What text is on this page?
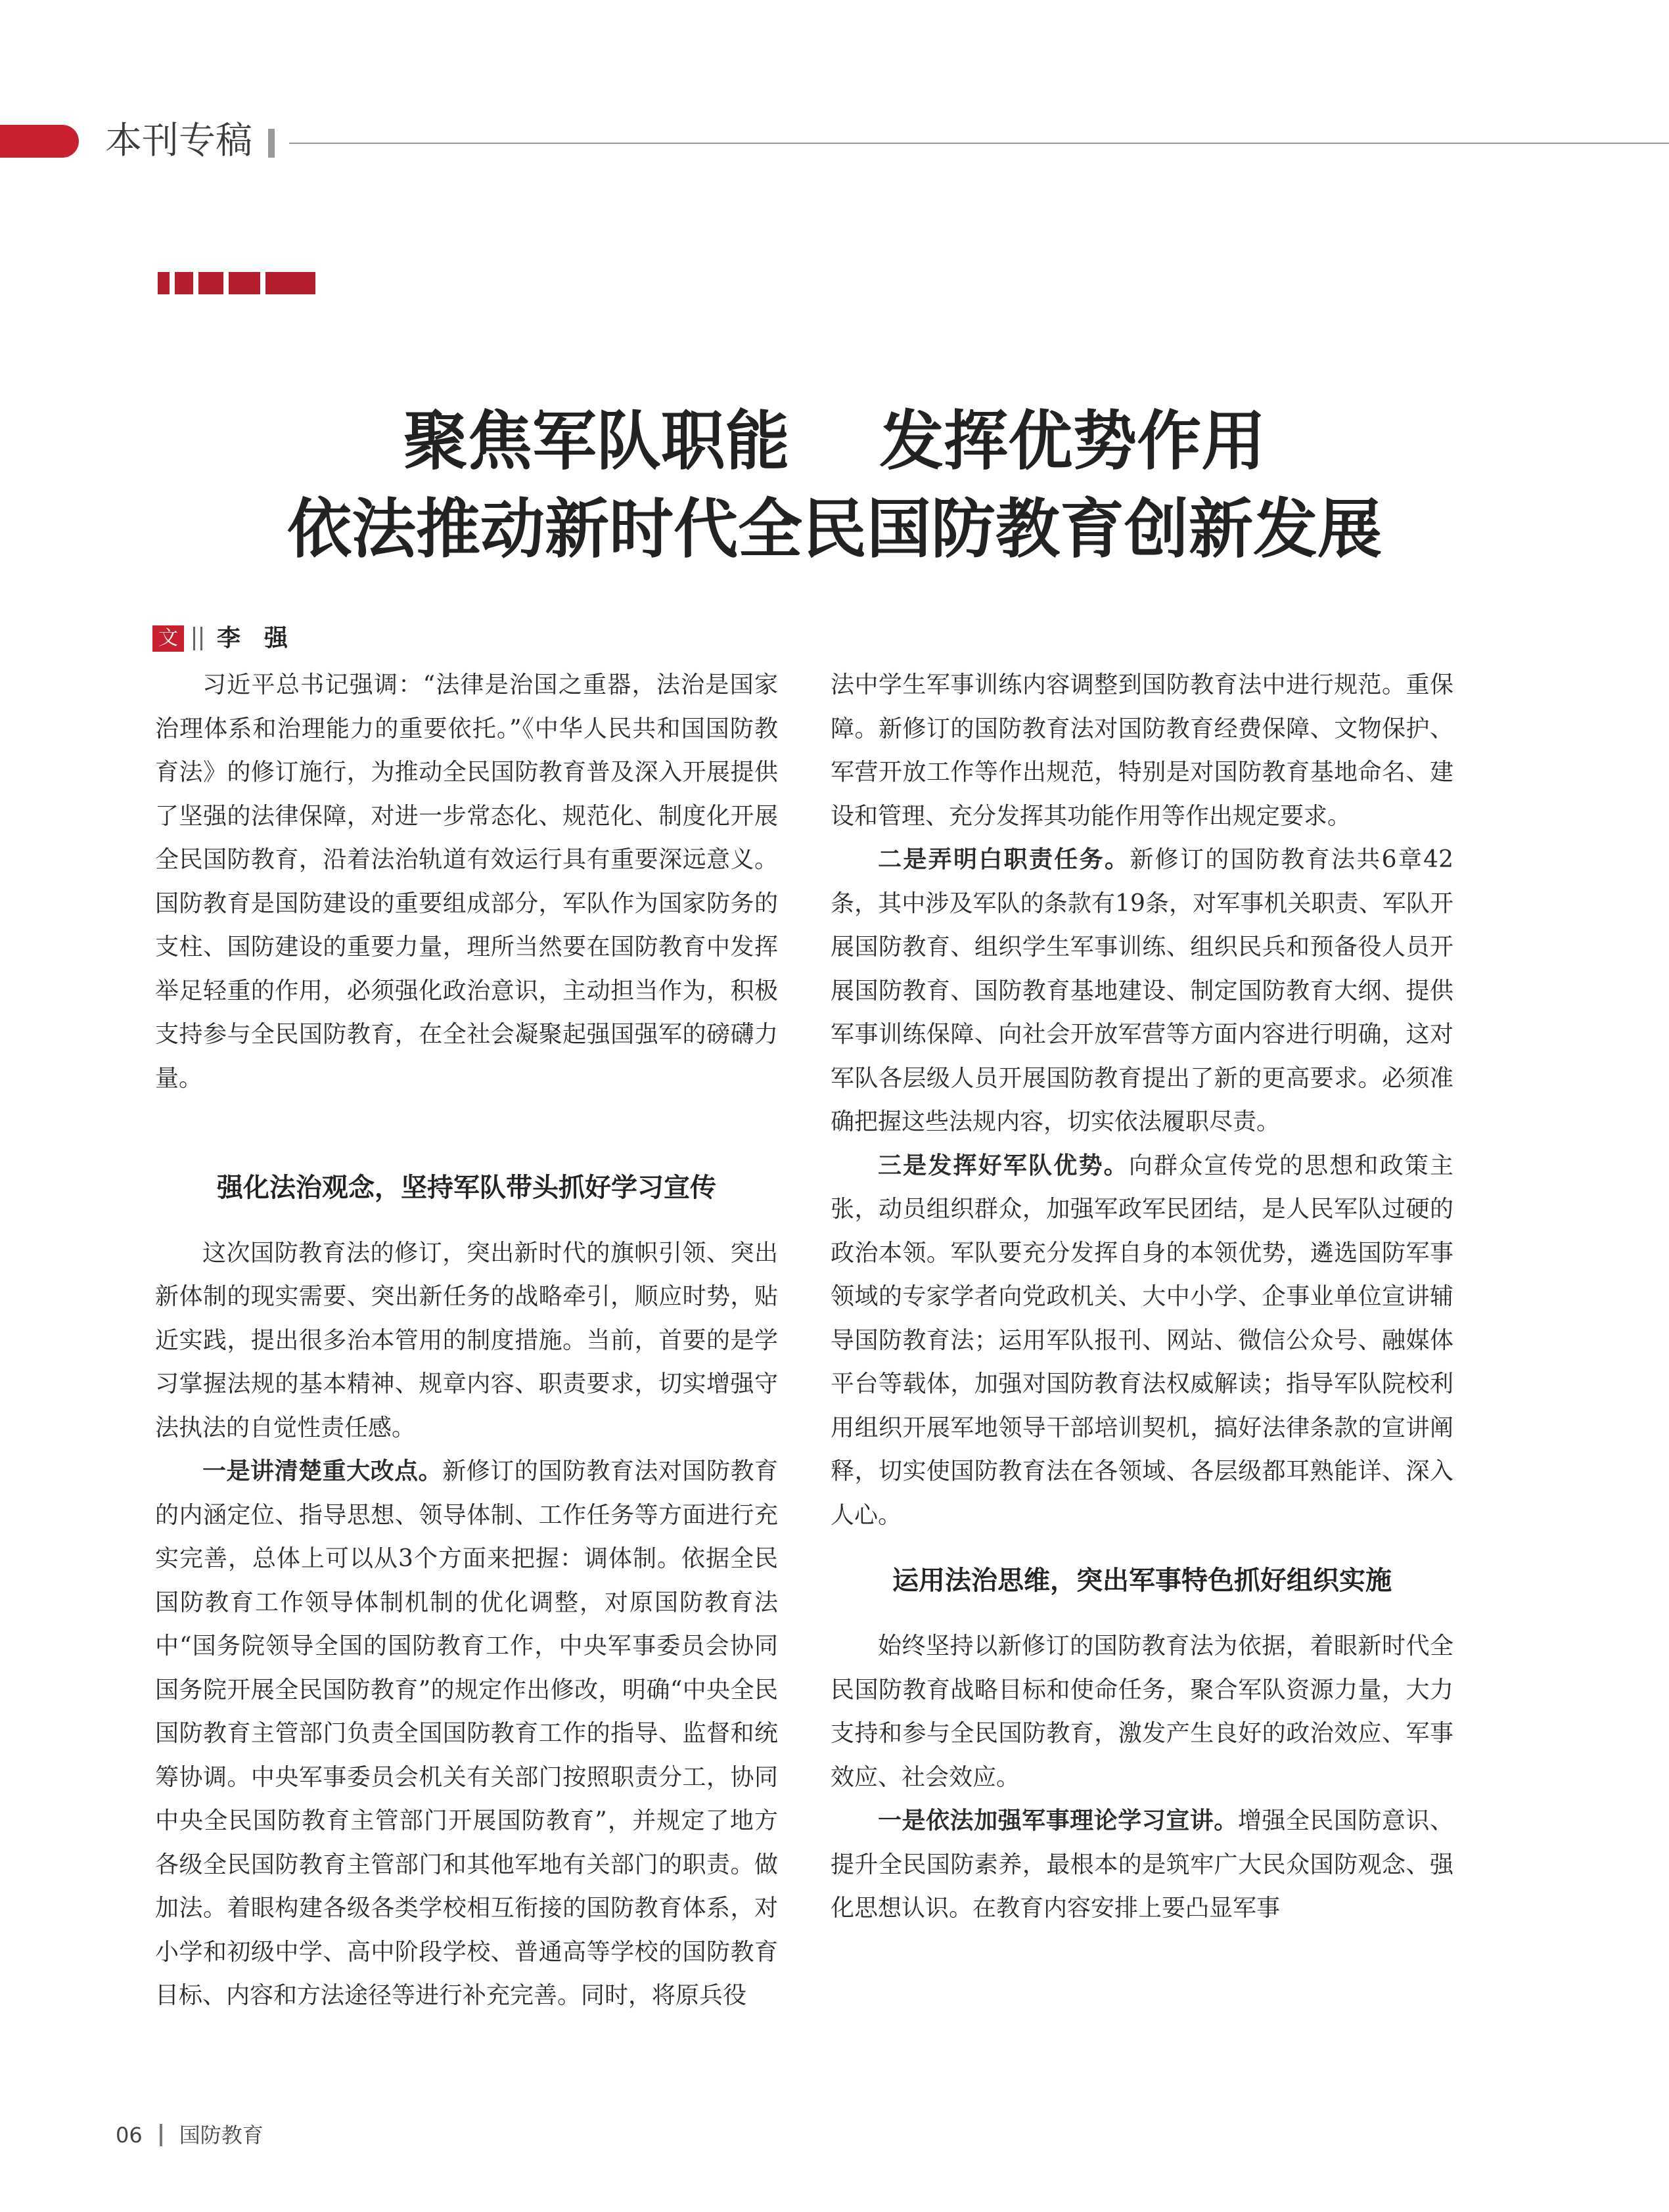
本刊专稿
聚焦军队职能    发挥优势作用
依法推动新时代全民国防教育创新发展
文 李　强

习近平总书记强调：“法律是治国之重器，法治是国家治理体系和治理能力的重要依托。”《中华人民共和国国防教育法》的修订施行，为推动全民国防教育普及深入开展提供了坚强的法律保障，对进一步常态化、规范化、制度化开展全民国防教育，沿着法治轨道有效运行具有重要深远意义。国防教育是国防建设的重要组成部分，军队作为国家防务的支柱、国防建设的重要力量，理所当然要在国防教育中发挥举足轻重的作用，必须强化政治意识，主动担当作为，积极支持参与全民国防教育，在全社会凝聚起强国强军的磅礴力量。

强化法治观念，坚持军队带头抓好学习宣传

这次国防教育法的修订，突出新时代的旗帜引领、突出新体制的现实需要、突出新任务的战略牵引，顺应时势，贴近实践，提出很多治本管用的制度措施。当前，首要的是学习掌握法规的基本精神、规章内容、职责要求，切实增强守法执法的自觉性责任感。

一是讲清楚重大改点。新修订的国防教育法对国防教育的内涵定位、指导思想、领导体制、工作任务等方面进行充实完善，总体上可以从3个方面来把握：调体制。依据全民国防教育工作领导体制机制的优化调整，对原国防教育法中“国务院领导全国的国防教育工作，中央军事委员会协同国务院开展全民国防教育”的规定作出修改，明确“中央全民国防教育主管部门负责全国国防教育工作的指导、监督和统筹协调。中央军事委员会机关有关部门按照职责分工，协同中央全民国防教育主管部门开展国防教育”，并规定了地方各级全民国防教育主管部门和其他军地有关部门的职责。做加法。着眼构建各级各类学校相互衔接的国防教育体系，对小学和初级中学、高中阶段学校、普通高等学校的国防教育目标、内容和方法途径等进行补充完善。同时，将原兵役

法中学生军事训练内容调整到国防教育法中进行规范。重保障。新修订的国防教育法对国防教育经费保障、文物保护、军营开放工作等作出规范，特别是对国防教育基地命名、建设和管理、充分发挥其功能作用等作出规定要求。

二是弄明白职责任务。新修订的国防教育法共6章42条，其中涉及军队的条款有19条，对军事机关职责、军队开展国防教育、组织学生军事训练、组织民兵和预备役人员开展国防教育、国防教育基地建设、制定国防教育大纲、提供军事训练保障、向社会开放军营等方面内容进行明确，这对军队各层级人员开展国防教育提出了新的更高要求。必须准确把握这些法规内容，切实依法履职尽责。

三是发挥好军队优势。向群众宣传党的思想和政策主张，动员组织群众，加强军政军民团结，是人民军队过硬的政治本领。军队要充分发挥自身的本领优势，遴选国防军事领域的专家学者向党政机关、大中小学、企事业单位宣讲辅导国防教育法；运用军队报刊、网站、微信公众号、融媒体平台等载体，加强对国防教育法权威解读；指导军队院校利用组织开展军地领导干部培训契机，搞好法律条款的宣讲阐释，切实使国防教育法在各领域、各层级都耳熟能详、深入人心。

运用法治思维，突出军事特色抓好组织实施

始终坚持以新修订的国防教育法为依据，着眼新时代全民国防教育战略目标和使命任务，聚合军队资源力量，大力支持和参与全民国防教育，激发产生良好的政治效应、军事效应、社会效应。

一是依法加强军事理论学习宣讲。增强全民国防意识、提升全民国防素养，最根本的是筑牢广大民众国防观念、强化思想认识。在教育内容安排上要凸显军事

06 国防教育
